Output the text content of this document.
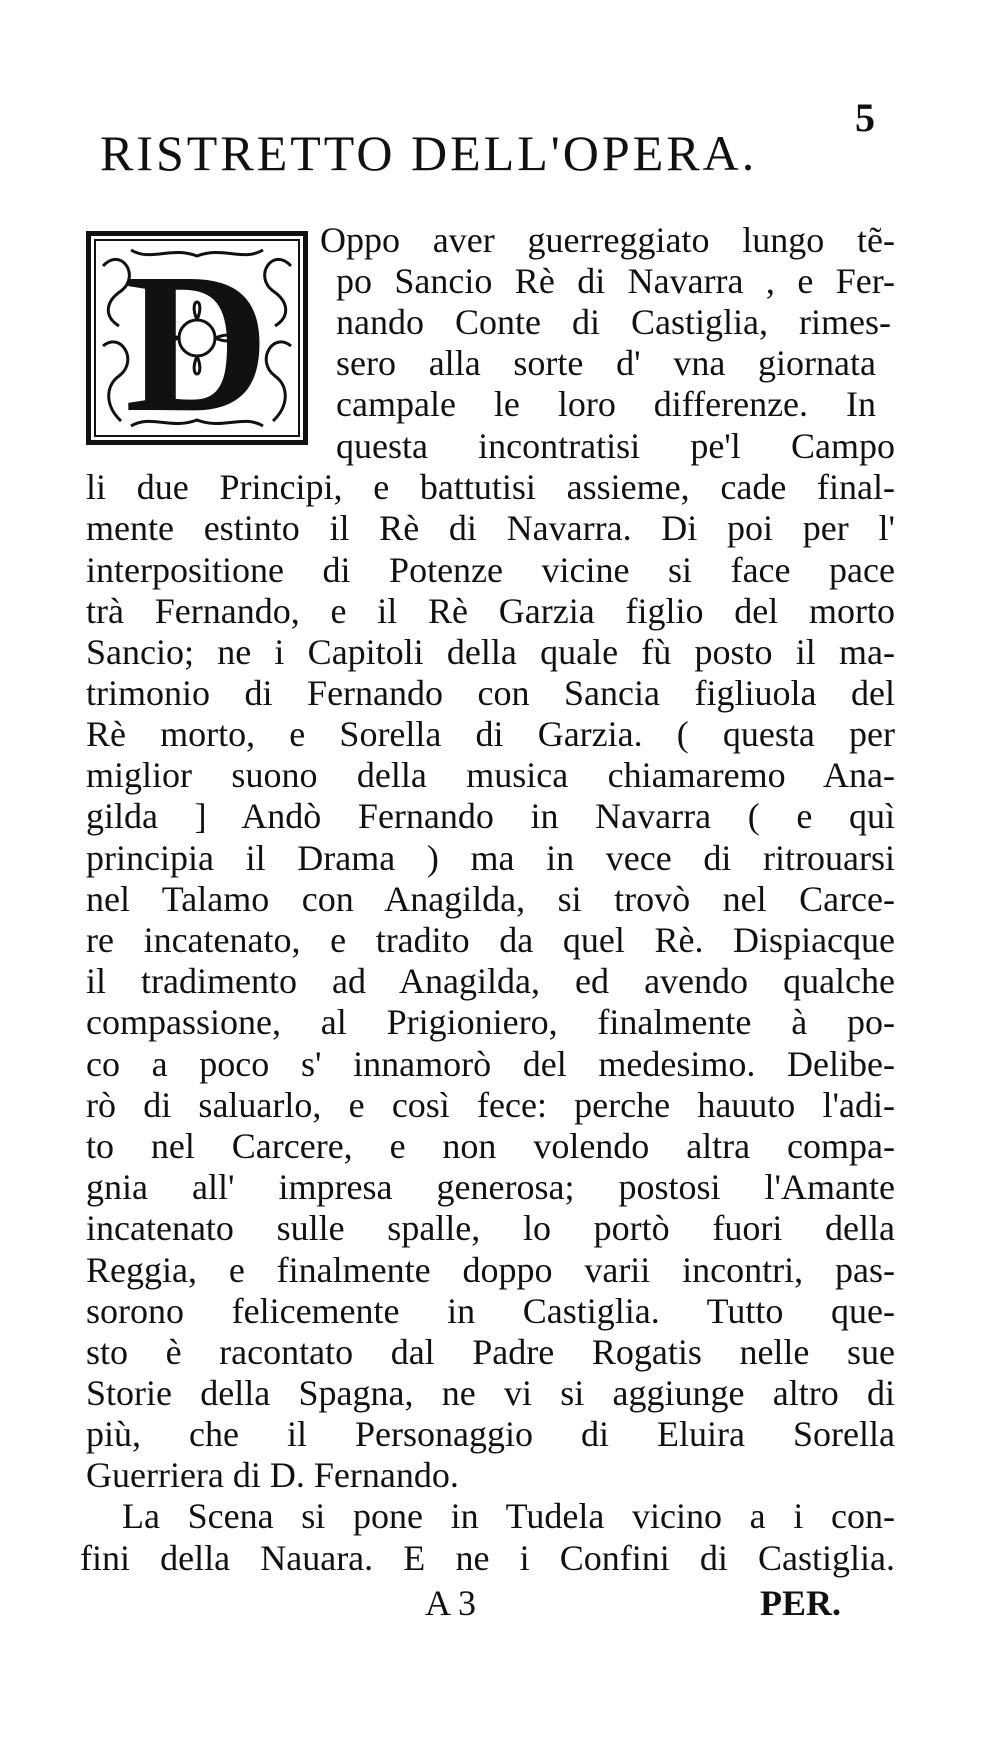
5
RISTRETTO DELL'OPERA.
D	Oppo aver guerreggiato lungo tẽ-
po Sancio Rè di Navarra , e Fer-
nando Conte di Castiglia, rimes-
sero alla sorte d' vna giornata
campale le loro differenze. In
questa incontratisi pe'l Campo
li due Principi, e battutisi assieme, cade final-
mente estinto il Rè di Navarra. Di poi per l'
interpositione di Potenze vicine si face pace
trà Fernando, e il Rè Garzia figlio del morto
Sancio; ne i Capitoli della quale fù posto il ma-
trimonio di Fernando con Sancia figliuola del
Rè morto, e Sorella di Garzia. ( questa per
miglior suono della musica chiamaremo Ana-
gilda ] Andò Fernando in Navarra ( e quì
principia il Drama ) ma in vece di ritrouarsi
nel Talamo con Anagilda, si trovò nel Carce-
re incatenato, e tradito da quel Rè. Dispiacque
il tradimento ad Anagilda, ed avendo qualche
compassione, al Prigioniero, finalmente à po-
co a poco s' innamorò del medesimo. Delibe-
rò di saluarlo, e così fece: perche hauuto l'adi-
to nel Carcere, e non volendo altra compa-
gnia all' impresa generosa; postosi l'Amante
incatenato sulle spalle, lo portò fuori della
Reggia, e finalmente doppo varii incontri, pas-
sorono felicemente in Castiglia. Tutto que-
sto è racontato dal Padre Rogatis nelle sue
Storie della Spagna, ne vi si aggiunge altro di
più, che il Personaggio di Eluira Sorella
Guerriera di D. Fernando.
La Scena si pone in Tudela vicino a i con-
fini della Nauara. E ne i Confini di Castiglia.
A 3	PER.
